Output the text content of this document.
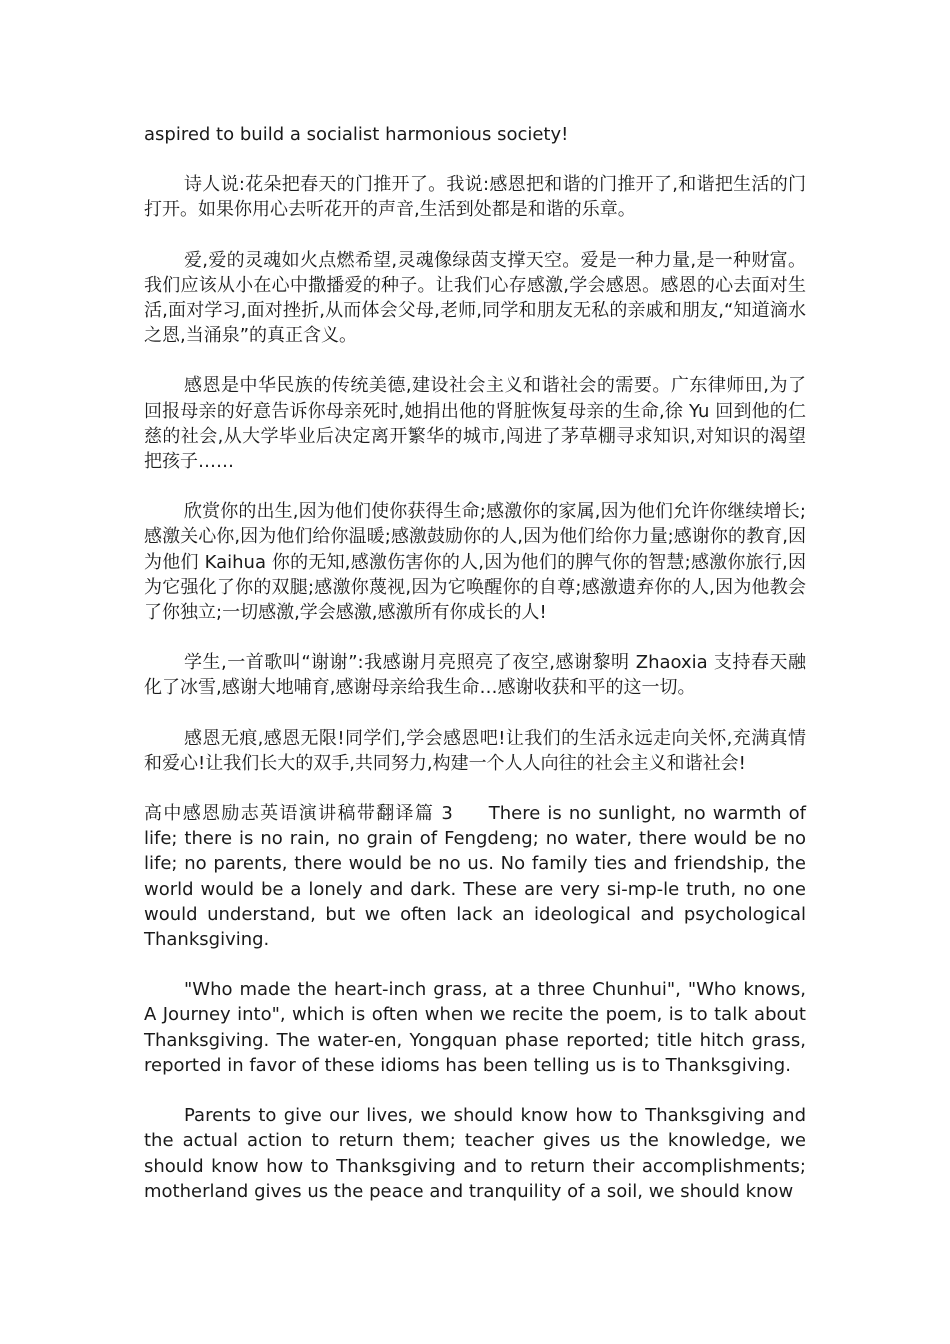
aspired to build a socialist harmonious society!

诗人说:花朵把春天的门推开了。我说:感恩把和谐的门推开了,和谐把生活的门打开。如果你用心去听花开的声音,生活到处都是和谐的乐章。

爱,爱的灵魂如火点燃希望,灵魂像绿茵支撑天空。爱是一种力量,是一种财富。我们应该从小在心中撒播爱的种子。让我们心存感激,学会感恩。感恩的心去面对生活,面对学习,面对挫折,从而体会父母,老师,同学和朋友无私的亲戚和朋友,“知道滴水之恩,当涌泉”的真正含义。

感恩是中华民族的传统美德,建设社会主义和谐社会的需要。广东律师田,为了回报母亲的好意告诉你母亲死时,她捐出他的肾脏恢复母亲的生命,徐 Yu 回到他的仁慈的社会,从大学毕业后决定离开繁华的城市,闯进了茅草棚寻求知识,对知识的渴望把孩子……

欣赏你的出生,因为他们使你获得生命;感激你的家属,因为他们允许你继续增长;感激关心你,因为他们给你温暖;感激鼓励你的人,因为他们给你力量;感谢你的教育,因为他们 Kaihua 你的无知,感激伤害你的人,因为他们的脾气你的智慧;感激你旅行,因为它强化了你的双腿;感激你蔑视,因为它唤醒你的自尊;感激遗弃你的人,因为他教会了你独立;一切感激,学会感激,感激所有你成长的人!

学生,一首歌叫“谢谢”:我感谢月亮照亮了夜空,感谢黎明 Zhaoxia 支持春天融化了冰雪,感谢大地哺育,感谢母亲给我生命…感谢收获和平的这一切。

感恩无痕,感恩无限!同学们,学会感恩吧!让我们的生活永远走向关怀,充满真情和爱心!让我们长大的双手,共同努力,构建一个人人向往的社会主义和谐社会!

高中感恩励志英语演讲稿带翻译篇 3 There is no sunlight, no warmth of life; there is no rain, no grain of Fengdeng; no water, there would be no life; no parents, there would be no us. No family ties and friendship, the world would be a lonely and dark. These are very si-mp-le truth, no one would understand, but we often lack an ideological and psychological Thanksgiving.

"Who made the heart-inch grass, at a three Chunhui", "Who knows, A Journey into", which is often when we recite the poem, is to talk about Thanksgiving. The water-en, Yongquan phase reported; title hitch grass, reported in favor of these idioms has been telling us is to Thanksgiving.

Parents to give our lives, we should know how to Thanksgiving and the actual action to return them; teacher gives us the knowledge, we should know how to Thanksgiving and to return their accomplishments; motherland gives us the peace and tranquility of a soil, we should know
